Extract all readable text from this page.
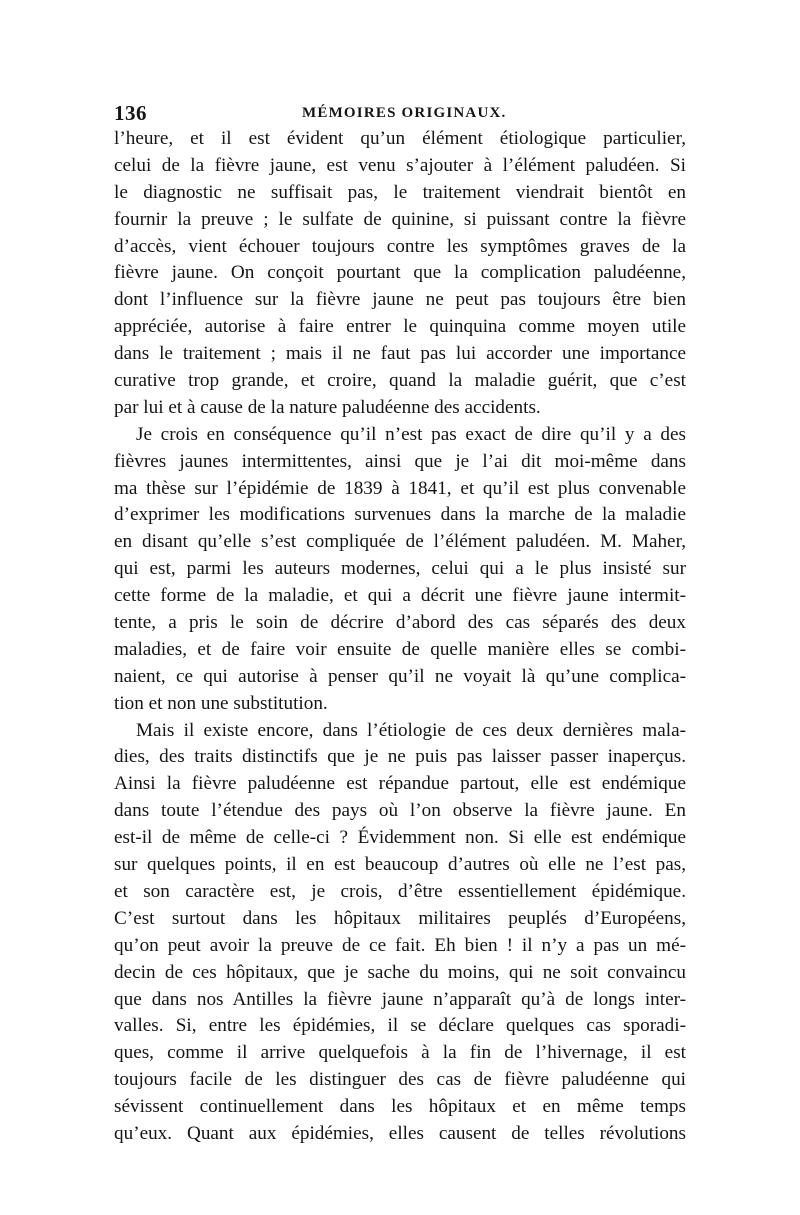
136	MÉMOIRES ORIGINAUX.
l’heure, et il est évident qu’un élément étiologique particulier,
celui de la fièvre jaune, est venu s’ajouter à l’élément paludéen. Si
le diagnostic ne suffisait pas, le traitement viendrait bientôt en
fournir la preuve ; le sulfate de quinine, si puissant contre la fièvre
d’accès, vient échouer toujours contre les symptômes graves de la
fièvre jaune. On conçoit pourtant que la complication paludéenne,
dont l’influence sur la fièvre jaune ne peut pas toujours être bien
appréciée, autorise à faire entrer le quinquina comme moyen utile
dans le traitement ; mais il ne faut pas lui accorder une importance
curative trop grande, et croire, quand la maladie guérit, que c’est
par lui et à cause de la nature paludéenne des accidents.
Je crois en conséquence qu’il n’est pas exact de dire qu’il y a des
fièvres jaunes intermittentes, ainsi que je l’ai dit moi-même dans
ma thèse sur l’épidémie de 1839 à 1841, et qu’il est plus convenable
d’exprimer les modifications survenues dans la marche de la maladie
en disant qu’elle s’est compliquée de l’élément paludéen. M. Maher,
qui est, parmi les auteurs modernes, celui qui a le plus insisté sur
cette forme de la maladie, et qui a décrit une fièvre jaune intermit-
tente, a pris le soin de décrire d’abord des cas séparés des deux
maladies, et de faire voir ensuite de quelle manière elles se combi-
naient, ce qui autorise à penser qu’il ne voyait là qu’une complica-
tion et non une substitution.
Mais il existe encore, dans l’étiologie de ces deux dernières mala-
dies, des traits distinctifs que je ne puis pas laisser passer inaperçus.
Ainsi la fièvre paludéenne est répandue partout, elle est endémique
dans toute l’étendue des pays où l’on observe la fièvre jaune. En
est-il de même de celle-ci ? Évidemment non. Si elle est endémique
sur quelques points, il en est beaucoup d’autres où elle ne l’est pas,
et son caractère est, je crois, d’être essentiellement épidémique.
C’est surtout dans les hôpitaux militaires peuplés d’Européens,
qu’on peut avoir la preuve de ce fait. Eh bien ! il n’y a pas un mé-
decin de ces hôpitaux, que je sache du moins, qui ne soit convaincu
que dans nos Antilles la fièvre jaune n’apparaît qu’à de longs inter-
valles. Si, entre les épidémies, il se déclare quelques cas sporadi-
ques, comme il arrive quelquefois à la fin de l’hivernage, il est
toujours facile de les distinguer des cas de fièvre paludéenne qui
sévissent continuellement dans les hôpitaux et en même temps
qu’eux. Quant aux épidémies, elles causent de telles révolutions
